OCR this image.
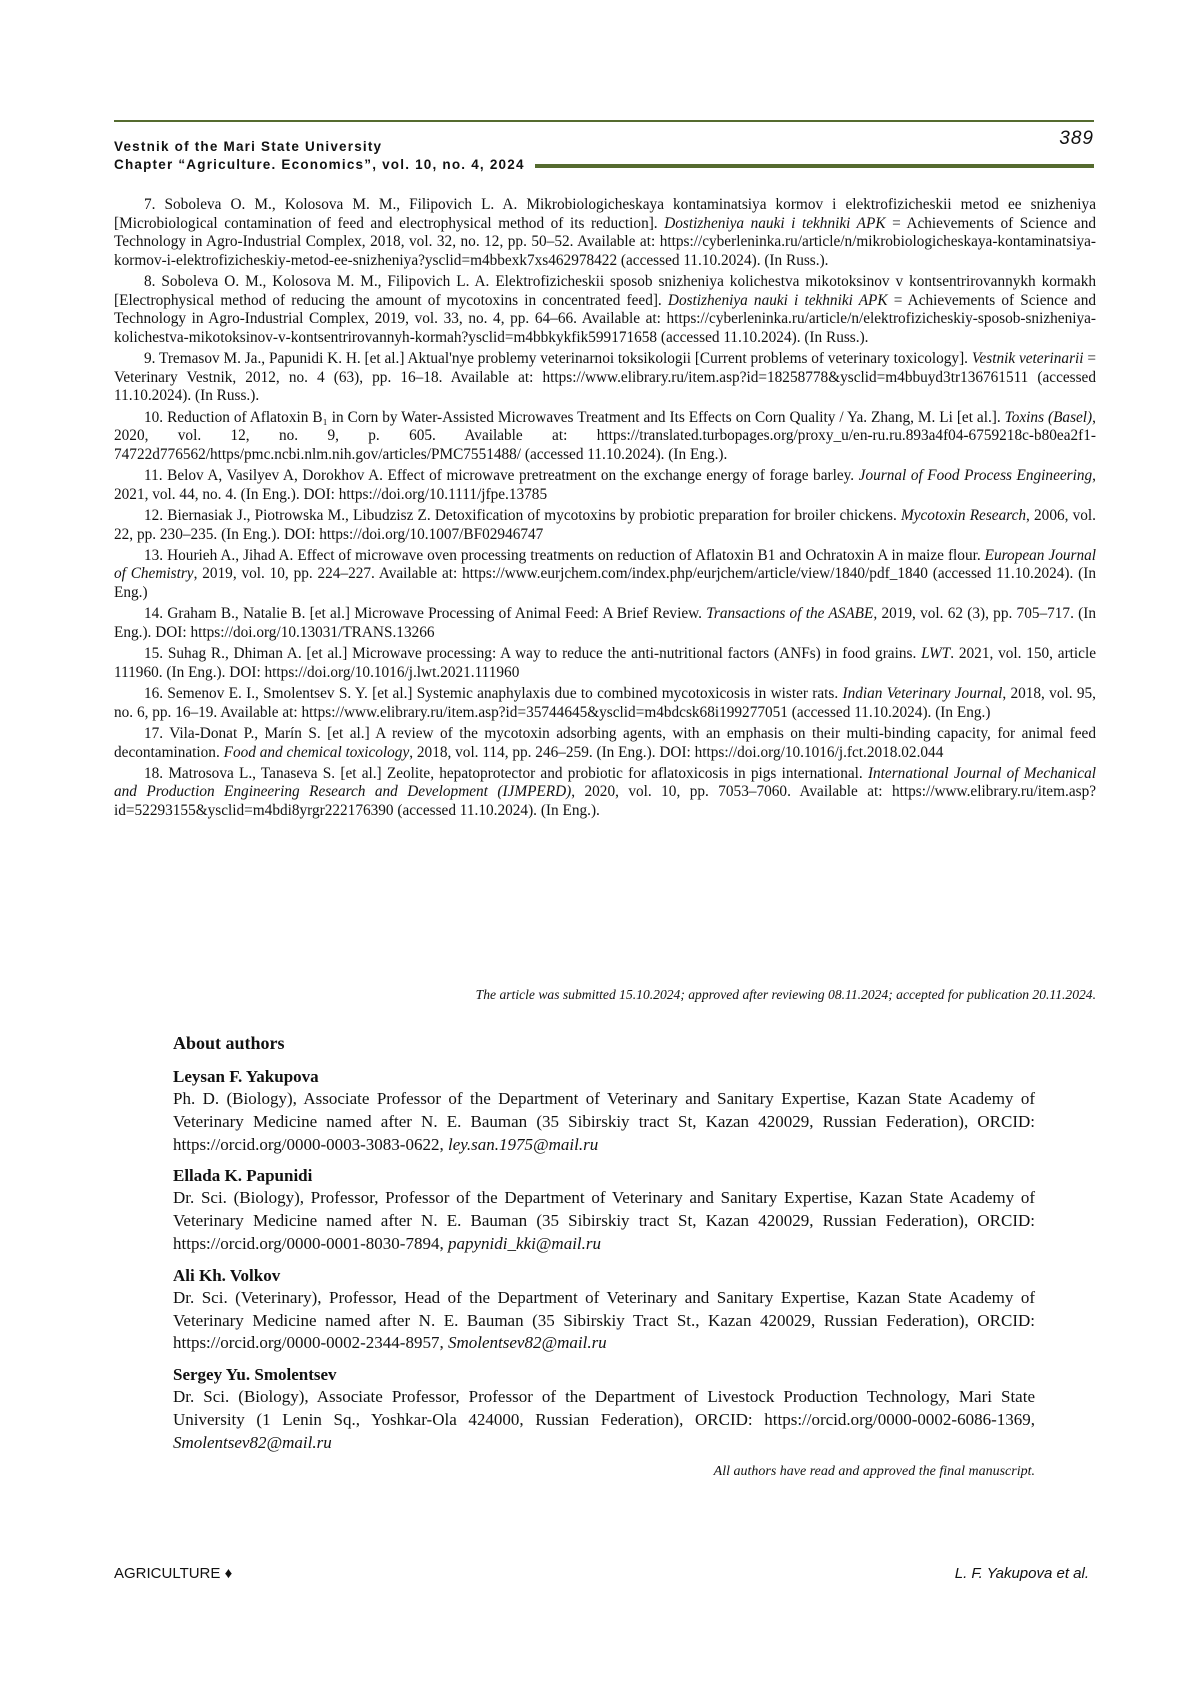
Vestnik of the Mari State University
Chapter “Agriculture. Economics”, vol. 10, no. 4, 2024
389

7. Soboleva O. M., Kolosova M. M., Filipovich L. A. Mikrobiologicheskaya kontaminatsiya kormov i elektrofizicheskii metod ee snizheniya [Microbiological contamination of feed and electrophysical method of its reduction]. Dostizheniya nauki i tekhniki APK = Achievements of Science and Technology in Agro-Industrial Complex, 2018, vol. 32, no. 12, pp. 50–52. Available at: https://cyberleninka.ru/article/n/mikrobiologicheskaya-kontaminatsiya-kormov-i-elektrofizicheskiy-metod-ee-snizheniya?ysclid=m4bbexk7xs462978422 (accessed 11.10.2024). (In Russ.).

8. Soboleva O. M., Kolosova M. M., Filipovich L. A. Elektrofizicheskii sposob snizheniya kolichestva mikotoksinov v kontsentrirovannykh kormakh [Electrophysical method of reducing the amount of mycotoxins in concentrated feed]. Dostizheniya nauki i tekhniki APK = Achievements of Science and Technology in Agro-Industrial Complex, 2019, vol. 33, no. 4, pp. 64–66. Available at: https://cyberleninka.ru/article/n/elektrofizicheskiy-sposob-snizheniya-kolichestva-mikotoksinov-v-kontsentrirovannyh-kormah?ysclid=m4bbkykfik599171658 (accessed 11.10.2024). (In Russ.).

9. Tremasov M. Ja., Papunidi K. H. [et al.] Aktual'nye problemy veterinarnoi toksikologii [Current problems of veterinary toxicology]. Vestnik veterinarii = Veterinary Vestnik, 2012, no. 4 (63), pp. 16–18. Available at: https://www.elibrary.ru/item.asp?id=18258778&ysclid=m4bbuyd3tr136761511 (accessed 11.10.2024). (In Russ.).

10. Reduction of Aflatoxin B₁ in Corn by Water-Assisted Microwaves Treatment and Its Effects on Corn Quality / Ya. Zhang, M. Li [et al.]. Toxins (Basel), 2020, vol. 12, no. 9, p. 605. Available at: https://translated.turbopages.org/proxy_u/en-ru.ru.893a4f04-6759218c-b80ea2f1-74722d776562/https/pmc.ncbi.nlm.nih.gov/articles/PMC7551488/ (accessed 11.10.2024). (In Eng.).

11. Belov A, Vasilyev A, Dorokhov A. Effect of microwave pretreatment on the exchange energy of forage barley. Journal of Food Process Engineering, 2021, vol. 44, no. 4. (In Eng.). DOI: https://doi.org/10.1111/jfpe.13785

12. Biernasiak J., Piotrowska M., Libudzisz Z. Detoxification of mycotoxins by probiotic preparation for broiler chickens. Mycotoxin Research, 2006, vol. 22, pp. 230–235. (In Eng.). DOI: https://doi.org/10.1007/BF02946747

13. Hourieh A., Jihad A. Effect of microwave oven processing treatments on reduction of Aflatoxin B1 and Ochratoxin A in maize flour. European Journal of Chemistry, 2019, vol. 10, pp. 224–227. Available at: https://www.eurjchem.com/index.php/eurjchem/article/view/1840/pdf_1840 (accessed 11.10.2024). (In Eng.)

14. Graham B., Natalie B. [et al.] Microwave Processing of Animal Feed: A Brief Review. Transactions of the ASABE, 2019, vol. 62 (3), pp. 705–717. (In Eng.). DOI: https://doi.org/10.13031/TRANS.13266

15. Suhag R., Dhiman A. [et al.] Microwave processing: A way to reduce the anti-nutritional factors (ANFs) in food grains. LWT. 2021, vol. 150, article 111960. (In Eng.). DOI: https://doi.org/10.1016/j.lwt.2021.111960

16. Semenov E. I., Smolentsev S. Y. [et al.] Systemic anaphylaxis due to combined mycotoxicosis in wister rats. Indian Veterinary Journal, 2018, vol. 95, no. 6, pp. 16–19. Available at: https://www.elibrary.ru/item.asp?id=35744645&ysclid=m4bdcsk68i199277051 (accessed 11.10.2024). (In Eng.)

17. Vila-Donat P., Marín S. [et al.] A review of the mycotoxin adsorbing agents, with an emphasis on their multi-binding capacity, for animal feed decontamination. Food and chemical toxicology, 2018, vol. 114, pp. 246–259. (In Eng.). DOI: https://doi.org/10.1016/j.fct.2018.02.044

18. Matrosova L., Tanaseva S. [et al.] Zeolite, hepatoprotector and probiotic for aflatoxicosis in pigs international. International Journal of Mechanical and Production Engineering Research and Development (IJMPERD), 2020, vol. 10, pp. 7053–7060. Available at: https://www.elibrary.ru/item.asp?id=52293155&ysclid=m4bdi8yrgr222176390 (accessed 11.10.2024). (In Eng.).

The article was submitted 15.10.2024; approved after reviewing 08.11.2024; accepted for publication 20.11.2024.
About authors
Leysan F. Yakupova
Ph. D. (Biology), Associate Professor of the Department of Veterinary and Sanitary Expertise, Kazan State Academy of Veterinary Medicine named after N. E. Bauman (35 Sibirskiy tract St, Kazan 420029, Russian Federation), ORCID: https://orcid.org/0000-0003-3083-0622, ley.san.1975@mail.ru
Ellada K. Papunidi
Dr. Sci. (Biology), Professor, Professor of the Department of Veterinary and Sanitary Expertise, Kazan State Academy of Veterinary Medicine named after N. E. Bauman (35 Sibirskiy tract St, Kazan 420029, Russian Federation), ORCID: https://orcid.org/0000-0001-8030-7894, papynidi_kki@mail.ru
Ali Kh. Volkov
Dr. Sci. (Veterinary), Professor, Head of the Department of Veterinary and Sanitary Expertise, Kazan State Academy of Veterinary Medicine named after N. E. Bauman (35 Sibirskiy Tract St., Kazan 420029, Russian Federation), ORCID: https://orcid.org/0000-0002-2344-8957, Smolentsev82@mail.ru
Sergey Yu. Smolentsev
Dr. Sci. (Biology), Associate Professor, Professor of the Department of Livestock Production Technology, Mari State University (1 Lenin Sq., Yoshkar-Ola 424000, Russian Federation), ORCID: https://orcid.org/0000-0002-6086-1369, Smolentsev82@mail.ru
All authors have read and approved the final manuscript.
AGRICULTURE ♦	L. F. Yakupova et al.
